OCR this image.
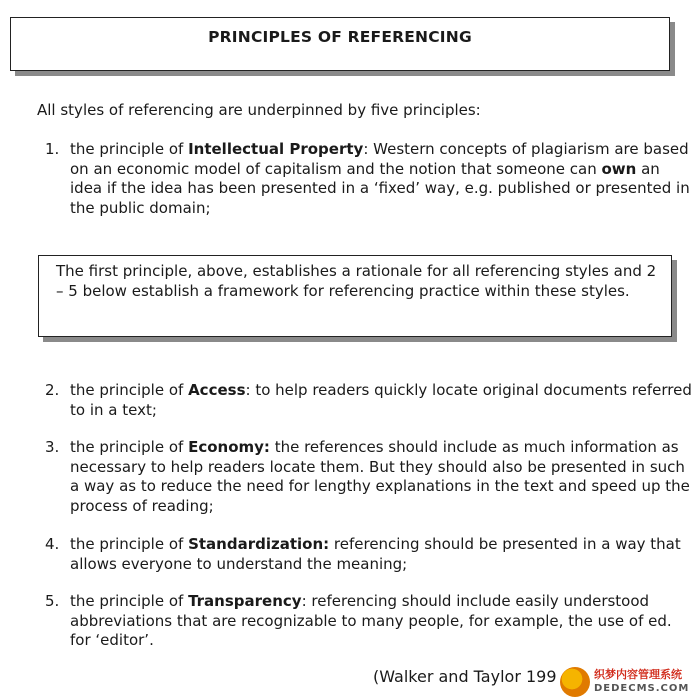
PRINCIPLES OF REFERENCING

All styles of referencing are underpinned by five principles:

1. the principle of Intellectual Property: Western concepts of plagiarism are based on an economic model of capitalism and the notion that someone can own an idea if the idea has been presented in a ‘fixed’ way, e.g. published or presented in the public domain;

The first principle, above, establishes a rationale for all referencing styles and 2 – 5 below establish a framework for referencing practice within these styles.

2. the principle of Access: to help readers quickly locate original documents referred to in a text;
3. the principle of Economy: the references should include as much information as necessary to help readers locate them. But they should also be presented in such a way as to reduce the need for lengthy explanations in the text and speed up the process of reading;
4. the principle of Standardization: referencing should be presented in a way that allows everyone to understand the meaning;
5. the principle of Transparency: referencing should include easily understood abbreviations that are recognizable to many people, for example, the use of ed. for ‘editor’.
(Walker and Taylor 199	织梦内容管理系统
DEDECMS.COM
